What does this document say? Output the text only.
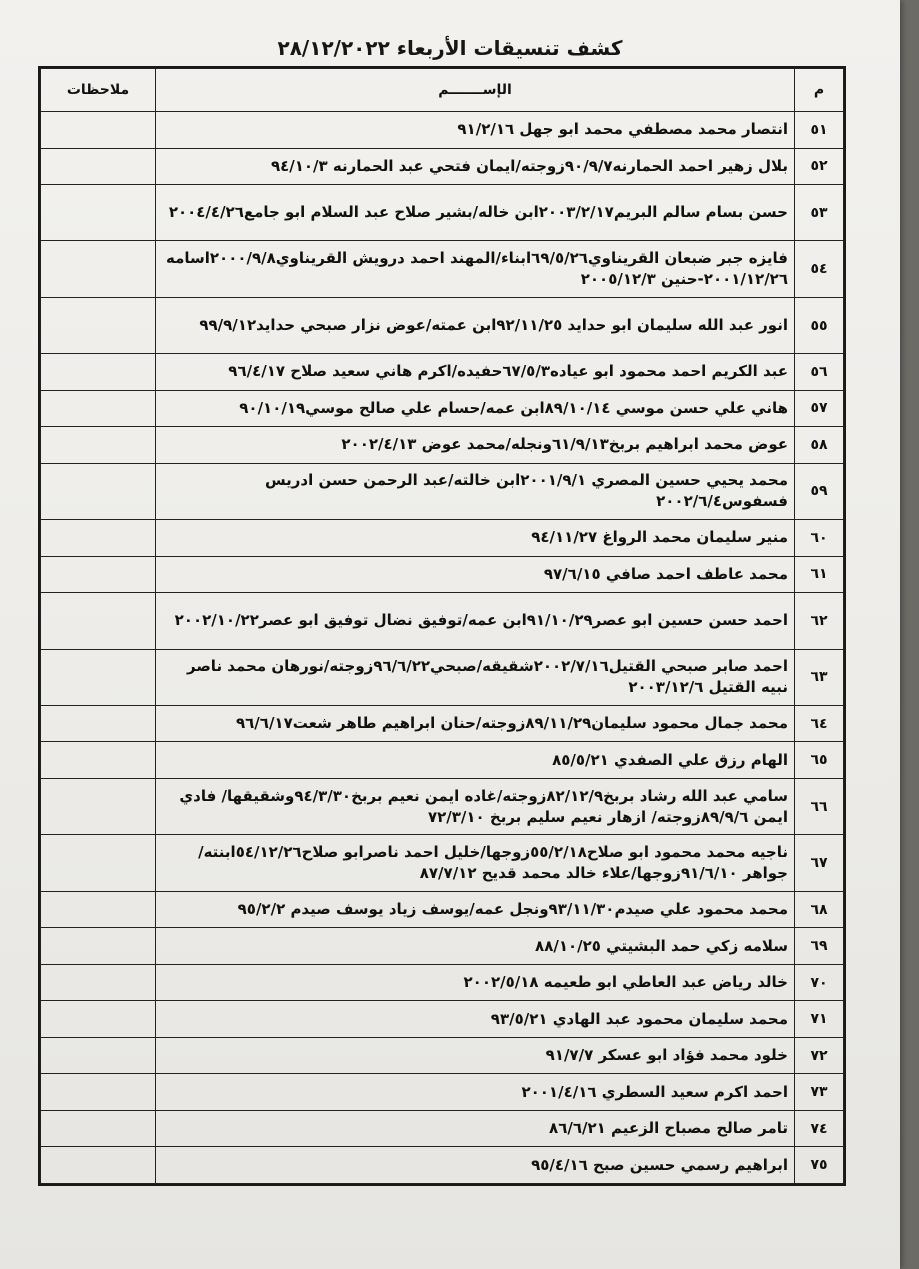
كشف تنسيقات الأربعاء ٢٨/١٢/٢٠٢٢
م	الإســـــــم	ملاحظات
٥١	انتصار محمد مصطفي محمد ابو جهل ٩١/٢/١٦	
٥٢	بلال زهير احمد الحمارنه٩٠/٩/٧زوجته/ايمان فتحي عبد الحمارنه ٩٤/١٠/٣	
٥٣	حسن بسام سالم البريم٢٠٠٣/٢/١٧ابن خاله/بشير صلاح عبد السلام ابو جامع٢٠٠٤/٤/٢٦	
٥٤	فايزه جبر ضبعان القريناوي٦٩/٥/٢٦ابناء/المهند احمد درويش القريناوي٢٠٠٠/٩/٨اسامه ٢٠٠١/١٢/٢٦-حنين ٢٠٠٥/١٢/٣	
٥٥	انور عبد الله سليمان ابو حدايد ٩٢/١١/٢٥ابن عمته/عوض نزار صبحي حدايد٩٩/٩/١٢	
٥٦	عبد الكريم احمد محمود ابو عياده٦٧/٥/٣حفيده/اكرم هاني سعيد صلاح ٩٦/٤/١٧	
٥٧	هاني علي حسن موسي ٨٩/١٠/١٤ابن عمه/حسام علي صالح موسي٩٠/١٠/١٩	
٥٨	عوض محمد ابراهيم بربخ٦١/٩/١٣ونجله/محمد عوض ٢٠٠٢/٤/١٣	
٥٩	محمد يحيي حسين المصري ٢٠٠١/٩/١ابن خالته/عبد الرحمن حسن ادريس فسفوس٢٠٠٢/٦/٤	
٦٠	منير سليمان محمد الرواغ ٩٤/١١/٢٧	
٦١	محمد عاطف احمد صافي ٩٧/٦/١٥	
٦٢	احمد حسن حسين ابو عصر٩١/١٠/٢٩ابن عمه/توفيق نضال توفيق ابو عصر٢٠٠٢/١٠/٢٢	
٦٣	احمد صابر صبحي القتيل٢٠٠٢/٧/١٦شقيقه/صبحي٩٦/٦/٢٢زوجته/نورهان محمد ناصر نبيه القتيل ٢٠٠٣/١٢/٦	
٦٤	محمد جمال محمود سليمان٨٩/١١/٢٩زوجته/حنان ابراهيم طاهر شعت٩٦/٦/١٧	
٦٥	الهام رزق علي الصفدي ٨٥/٥/٢١	
٦٦	سامي عبد الله رشاد بربخ٨٢/١٢/٩زوجته/غاده ايمن نعيم بربخ٩٤/٣/٣٠وشقيقها/ فادي ايمن ٨٩/٩/٦زوجته/ ازهار نعيم سليم بربخ ٧٢/٣/١٠	
٦٧	ناجيه محمد محمود ابو صلاح٥٥/٢/١٨زوجها/خليل احمد ناصرابو صلاح٥٤/١٢/٢٦ابنته/جواهر ٩١/٦/١٠زوجها/علاء خالد محمد قديح ٨٧/٧/١٢	
٦٨	محمد محمود علي صيدم٩٣/١١/٣٠ونجل عمه/يوسف زياد يوسف صيدم ٩٥/٢/٢	
٦٩	سلامه زكي حمد البشيتي ٨٨/١٠/٢٥	
٧٠	خالد رياض عبد العاطي ابو طعيمه ٢٠٠٢/٥/١٨	
٧١	محمد سليمان محمود عبد الهادي ٩٣/٥/٢١	
٧٢	خلود محمد فؤاد ابو عسكر ٩١/٧/٧	
٧٣	احمد اكرم سعيد السطري ٢٠٠١/٤/١٦	
٧٤	تامر صالح مصباح الزعيم ٨٦/٦/٢١	
٧٥	ابراهيم رسمي حسين صبح ٩٥/٤/١٦	
